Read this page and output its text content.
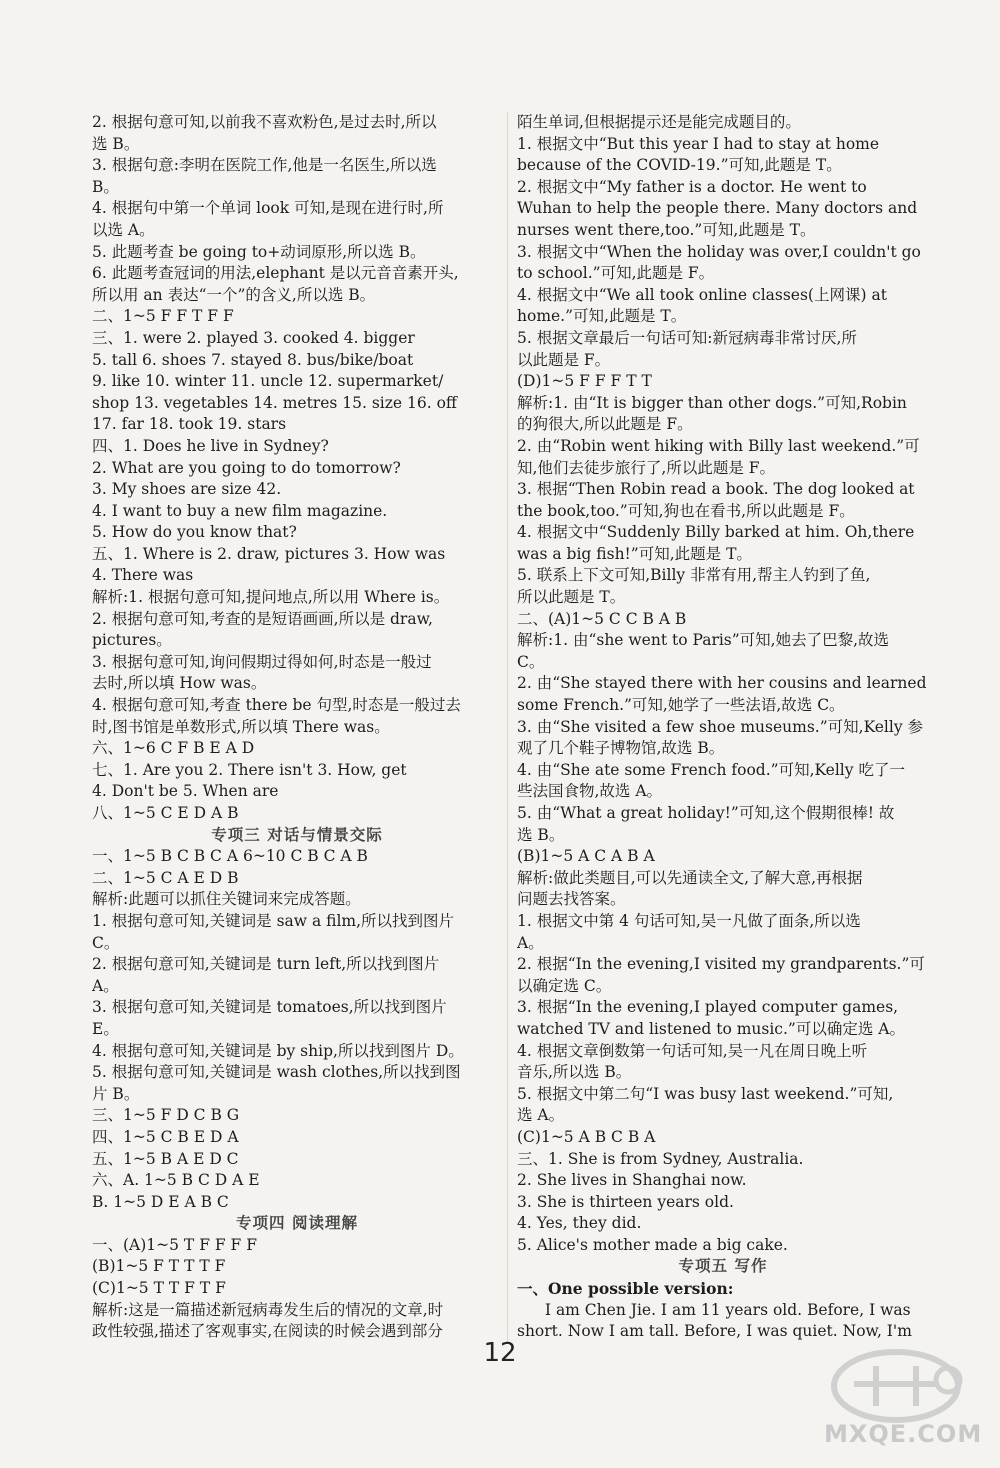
2. 根据句意可知,以前我不喜欢粉色,是过去时,所以
选 B。
3. 根据句意:李明在医院工作,他是一名医生,所以选
B。
4. 根据句中第一个单词 look 可知,是现在进行时,所
以选 A。
5. 此题考查 be going to+动词原形,所以选 B。
6. 此题考查冠词的用法,elephant 是以元音音素开头,
所以用 an 表达“一个”的含义,所以选 B。
二、1~5 F F T F F
三、1. were 2. played 3. cooked 4. bigger
5. tall 6. shoes 7. stayed 8. bus/bike/boat
9. like 10. winter 11. uncle 12. supermarket/
shop 13. vegetables 14. metres 15. size 16. off
17. far 18. took 19. stars
四、1. Does he live in Sydney?
2. What are you going to do tomorrow?
3. My shoes are size 42.
4. I want to buy a new film magazine.
5. How do you know that?
五、1. Where is 2. draw, pictures 3. How was
4. There was
解析:1. 根据句意可知,提问地点,所以用 Where is。
2. 根据句意可知,考查的是短语画画,所以是 draw,
pictures。
3. 根据句意可知,询问假期过得如何,时态是一般过
去时,所以填 How was。
4. 根据句意可知,考查 there be 句型,时态是一般过去
时,图书馆是单数形式,所以填 There was。
六、1~6 C F B E A D
七、1. Are you 2. There isn't 3. How, get
4. Don't be 5. When are
八、1~5 C E D A B
专项三 对话与情景交际
一、1~5 B C B C A 6~10 C B C A B
二、1~5 C A E D B
解析:此题可以抓住关键词来完成答题。
1. 根据句意可知,关键词是 saw a film,所以找到图片
C。
2. 根据句意可知,关键词是 turn left,所以找到图片
A。
3. 根据句意可知,关键词是 tomatoes,所以找到图片
E。
4. 根据句意可知,关键词是 by ship,所以找到图片 D。
5. 根据句意可知,关键词是 wash clothes,所以找到图
片 B。
三、1~5 F D C B G
四、1~5 C B E D A
五、1~5 B A E D C
六、A. 1~5 B C D A E
B. 1~5 D E A B C
专项四 阅读理解
一、(A)1~5 T F F F F
(B)1~5 F T T T F
(C)1~5 T T F T F
解析:这是一篇描述新冠病毒发生后的情况的文章,时
政性较强,描述了客观事实,在阅读的时候会遇到部分
陌生单词,但根据提示还是能完成题目的。
1. 根据文中“But this year I had to stay at home
because of the COVID-19.”可知,此题是 T。
2. 根据文中“My father is a doctor. He went to
Wuhan to help the people there. Many doctors and
nurses went there,too.”可知,此题是 T。
3. 根据文中“When the holiday was over,I couldn't go
to school.”可知,此题是 F。
4. 根据文中“We all took online classes(上网课) at
home.”可知,此题是 T。
5. 根据文章最后一句话可知:新冠病毒非常讨厌,所
以此题是 F。
(D)1~5 F F F T T
解析:1. 由“It is bigger than other dogs.”可知,Robin
的狗很大,所以此题是 F。
2. 由“Robin went hiking with Billy last weekend.”可
知,他们去徒步旅行了,所以此题是 F。
3. 根据“Then Robin read a book. The dog looked at
the book,too.”可知,狗也在看书,所以此题是 F。
4. 根据文中“Suddenly Billy barked at him. Oh,there
was a big fish!”可知,此题是 T。
5. 联系上下文可知,Billy 非常有用,帮主人钓到了鱼,
所以此题是 T。
二、(A)1~5 C C B A B
解析:1. 由“she went to Paris”可知,她去了巴黎,故选
C。
2. 由“She stayed there with her cousins and learned
some French.”可知,她学了一些法语,故选 C。
3. 由“She visited a few shoe museums.”可知,Kelly 参
观了几个鞋子博物馆,故选 B。
4. 由“She ate some French food.”可知,Kelly 吃了一
些法国食物,故选 A。
5. 由“What a great holiday!”可知,这个假期很棒! 故
选 B。
(B)1~5 A C A B A
解析:做此类题目,可以先通读全文,了解大意,再根据
问题去找答案。
1. 根据文中第 4 句话可知,吴一凡做了面条,所以选
A。
2. 根据“In the evening,I visited my grandparents.”可
以确定选 C。
3. 根据“In the evening,I played computer games,
watched TV and listened to music.”可以确定选 A。
4. 根据文章倒数第一句话可知,吴一凡在周日晚上听
音乐,所以选 B。
5. 根据文中第二句“I was busy last weekend.”可知,
选 A。
(C)1~5 A B C B A
三、1. She is from Sydney, Australia.
2. She lives in Shanghai now.
3. She is thirteen years old.
4. Yes, they did.
5. Alice's mother made a big cake.
专项五 写作
一、One possible version:
I am Chen Jie. I am 11 years old. Before, I was
short. Now I am tall. Before, I was quiet. Now, I'm
12
MXQE.COM
